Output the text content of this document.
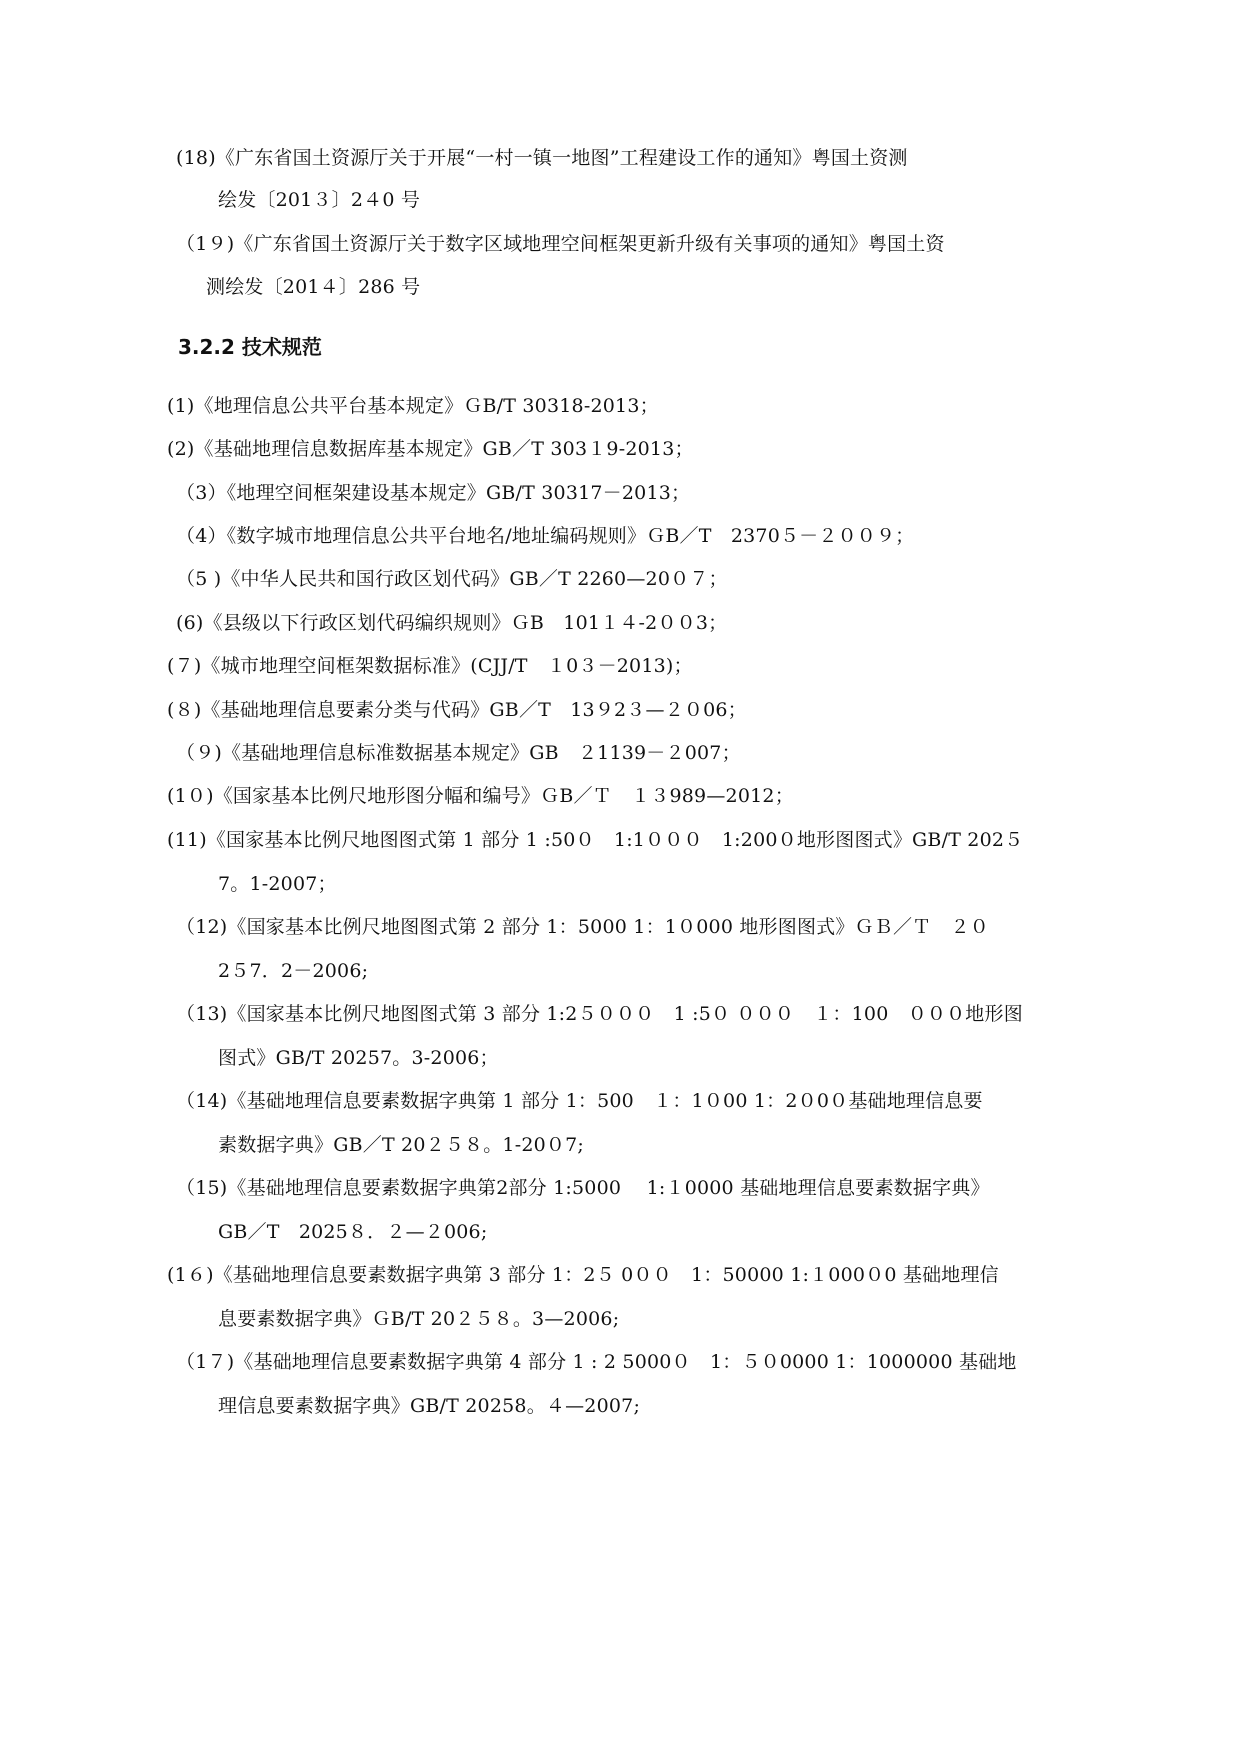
(18)《广东省国土资源厅关于开展“一村一镇一地图”工程建设工作的通知》粤国土资测
绘发〔201３〕2４0 号
（1９)《广东省国土资源厅关于数字区域地理空间框架更新升级有关事项的通知》粤国土资
测绘发〔201４〕286 号
3.2.2 技术规范
(1)《地理信息公共平台基本规定》ＧB/T 30318-2013；
(2)《基础地理信息数据库基本规定》GB／T 303１9-2013；
（3）《地理空间框架建设基本规定》GB/T 30317－2013；
（4）《数字城市地理信息公共平台地名/地址编码规则》ＧB／T　2370５－２００９；
（5 )《中华人民共和国行政区划代码》GB／T 2260—20０７；
(6)《县级以下行政区划代码编织规则》ＧB　101１４-2００3；
(７)《城市地理空间框架数据标准》(CJJ/T　１0３－2013)；
(８)《基础地理信息要素分类与代码》GB／T　13９2３—２０06；
（９)《基础地理信息标准数据基本规定》GB　２1139－２007；
(1０)《国家基本比例尺地形图分幅和编号》ＧB／Ｔ　１３989—2012；
(11)《国家基本比例尺地图图式第 1 部分 1 :50０　1:1０００　1:200０地形图图式》GB/T 202５
7。1-2007；
（12)《国家基本比例尺地图图式第 2 部分 1：5000 1：1０000 地形图图式》ＧＢ／Ｔ　２０
2５7．2－2006;
（13)《国家基本比例尺地图图式第 3 部分 1:2５０００　1 :5０ ０００　１：100　０００地形图
图式》GB/T 20257。3-2006；
（14)《基础地理信息要素数据字典第 1 部分 1：500　１：1０00 1：2０0０基础地理信息要
素数据字典》GB／T 20２５８。1-20０7;
（15)《基础地理信息要素数据字典第2部分 1:5000　 1:１0000 基础地理信息要素数据字典》
GB／T　2025８．２—２006;
(1６)《基础地理信息要素数据字典第 3 部分 1：2５ 0００　1：50000 1:１000０0 基础地理信
息要素数据字典》ＧB/T 20２５８。3—2006;
（1７)《基础地理信息要素数据字典第 4 部分 1 : 2 5000０　1：５０0000 1：1000000 基础地
理信息要素数据字典》GB/T 20258。４—2007;
